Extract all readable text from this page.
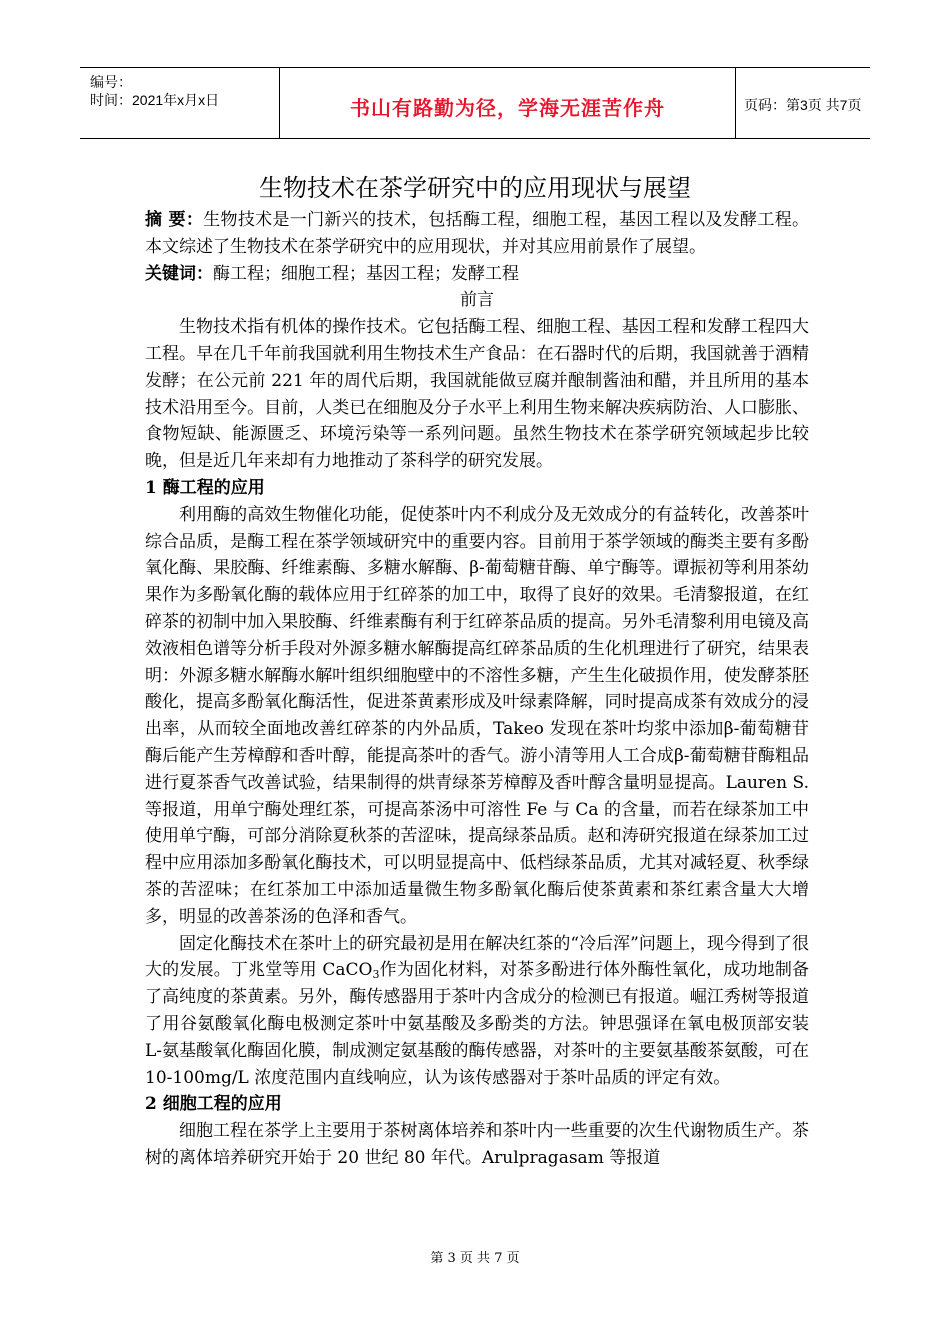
编号：
时间：2021年x月x日	书山有路勤为径，学海无涯苦作舟	页码：第3页 共7页
生物技术在茶学研究中的应用现状与展望

摘 要：生物技术是一门新兴的技术，包括酶工程，细胞工程，基因工程以及发酵工程。本文综述了生物技术在茶学研究中的应用现状，并对其应用前景作了展望。

关键词：酶工程；细胞工程；基因工程；发酵工程

前言

生物技术指有机体的操作技术。它包括酶工程、细胞工程、基因工程和发酵工程四大工程。早在几千年前我国就利用生物技术生产食品：在石器时代的后期，我国就善于酒精发酵；在公元前 221 年的周代后期，我国就能做豆腐并酿制酱油和醋，并且所用的基本技术沿用至今。目前，人类已在细胞及分子水平上利用生物来解决疾病防治、人口膨胀、食物短缺、能源匮乏、环境污染等一系列问题。虽然生物技术在茶学研究领域起步比较晚，但是近几年来却有力地推动了茶科学的研究发展。

1 酶工程的应用

利用酶的高效生物催化功能，促使茶叶内不利成分及无效成分的有益转化，改善茶叶综合品质，是酶工程在茶学领域研究中的重要内容。目前用于茶学领域的酶类主要有多酚氧化酶、果胶酶、纤维素酶、多糖水解酶、β-葡萄糖苷酶、单宁酶等。谭振初等利用茶幼果作为多酚氧化酶的载体应用于红碎茶的加工中，取得了良好的效果。毛清黎报道，在红碎茶的初制中加入果胶酶、纤维素酶有利于红碎茶品质的提高。另外毛清黎利用电镜及高效液相色谱等分析手段对外源多糖水解酶提高红碎茶品质的生化机理进行了研究，结果表明：外源多糖水解酶水解叶组织细胞壁中的不溶性多糖，产生生化破损作用，使发酵茶胚酸化，提高多酚氧化酶活性，促进茶黄素形成及叶绿素降解，同时提高成茶有效成分的浸出率，从而较全面地改善红碎茶的内外品质，Takeo 发现在茶叶均浆中添加β-葡萄糖苷酶后能产生芳樟醇和香叶醇，能提高茶叶的香气。游小清等用人工合成β-葡萄糖苷酶粗品进行夏茶香气改善试验，结果制得的烘青绿茶芳樟醇及香叶醇含量明显提高。Lauren S.等报道，用单宁酶处理红茶，可提高茶汤中可溶性 Fe 与 Ca 的含量，而若在绿茶加工中使用单宁酶，可部分消除夏秋茶的苦涩味，提高绿茶品质。赵和涛研究报道在绿茶加工过程中应用添加多酚氧化酶技术，可以明显提高中、低档绿茶品质，尤其对减轻夏、秋季绿茶的苦涩味；在红茶加工中添加适量微生物多酚氧化酶后使茶黄素和茶红素含量大大增多，明显的改善茶汤的色泽和香气。

固定化酶技术在茶叶上的研究最初是用在解决红茶的“冷后浑”问题上，现今得到了很大的发展。丁兆堂等用 CaCO$_3$作为固化材料，对茶多酚进行体外酶性氧化，成功地制备了高纯度的茶黄素。另外，酶传感器用于茶叶内含成分的检测已有报道。崛江秀树等报道了用谷氨酸氧化酶电极测定茶叶中氨基酸及多酚类的方法。钟思强译在氧电极顶部安装 L-氨基酸氧化酶固化膜，制成测定氨基酸的酶传感器，对茶叶的主要氨基酸茶氨酸，可在 10-100mg/L 浓度范围内直线响应，认为该传感器对于茶叶品质的评定有效。

2 细胞工程的应用

细胞工程在茶学上主要用于茶树离体培养和茶叶内一些重要的次生代谢物质生产。茶树的离体培养研究开始于 20 世纪 80 年代。Arulpragasam 等报道

第 3 页 共 7 页
